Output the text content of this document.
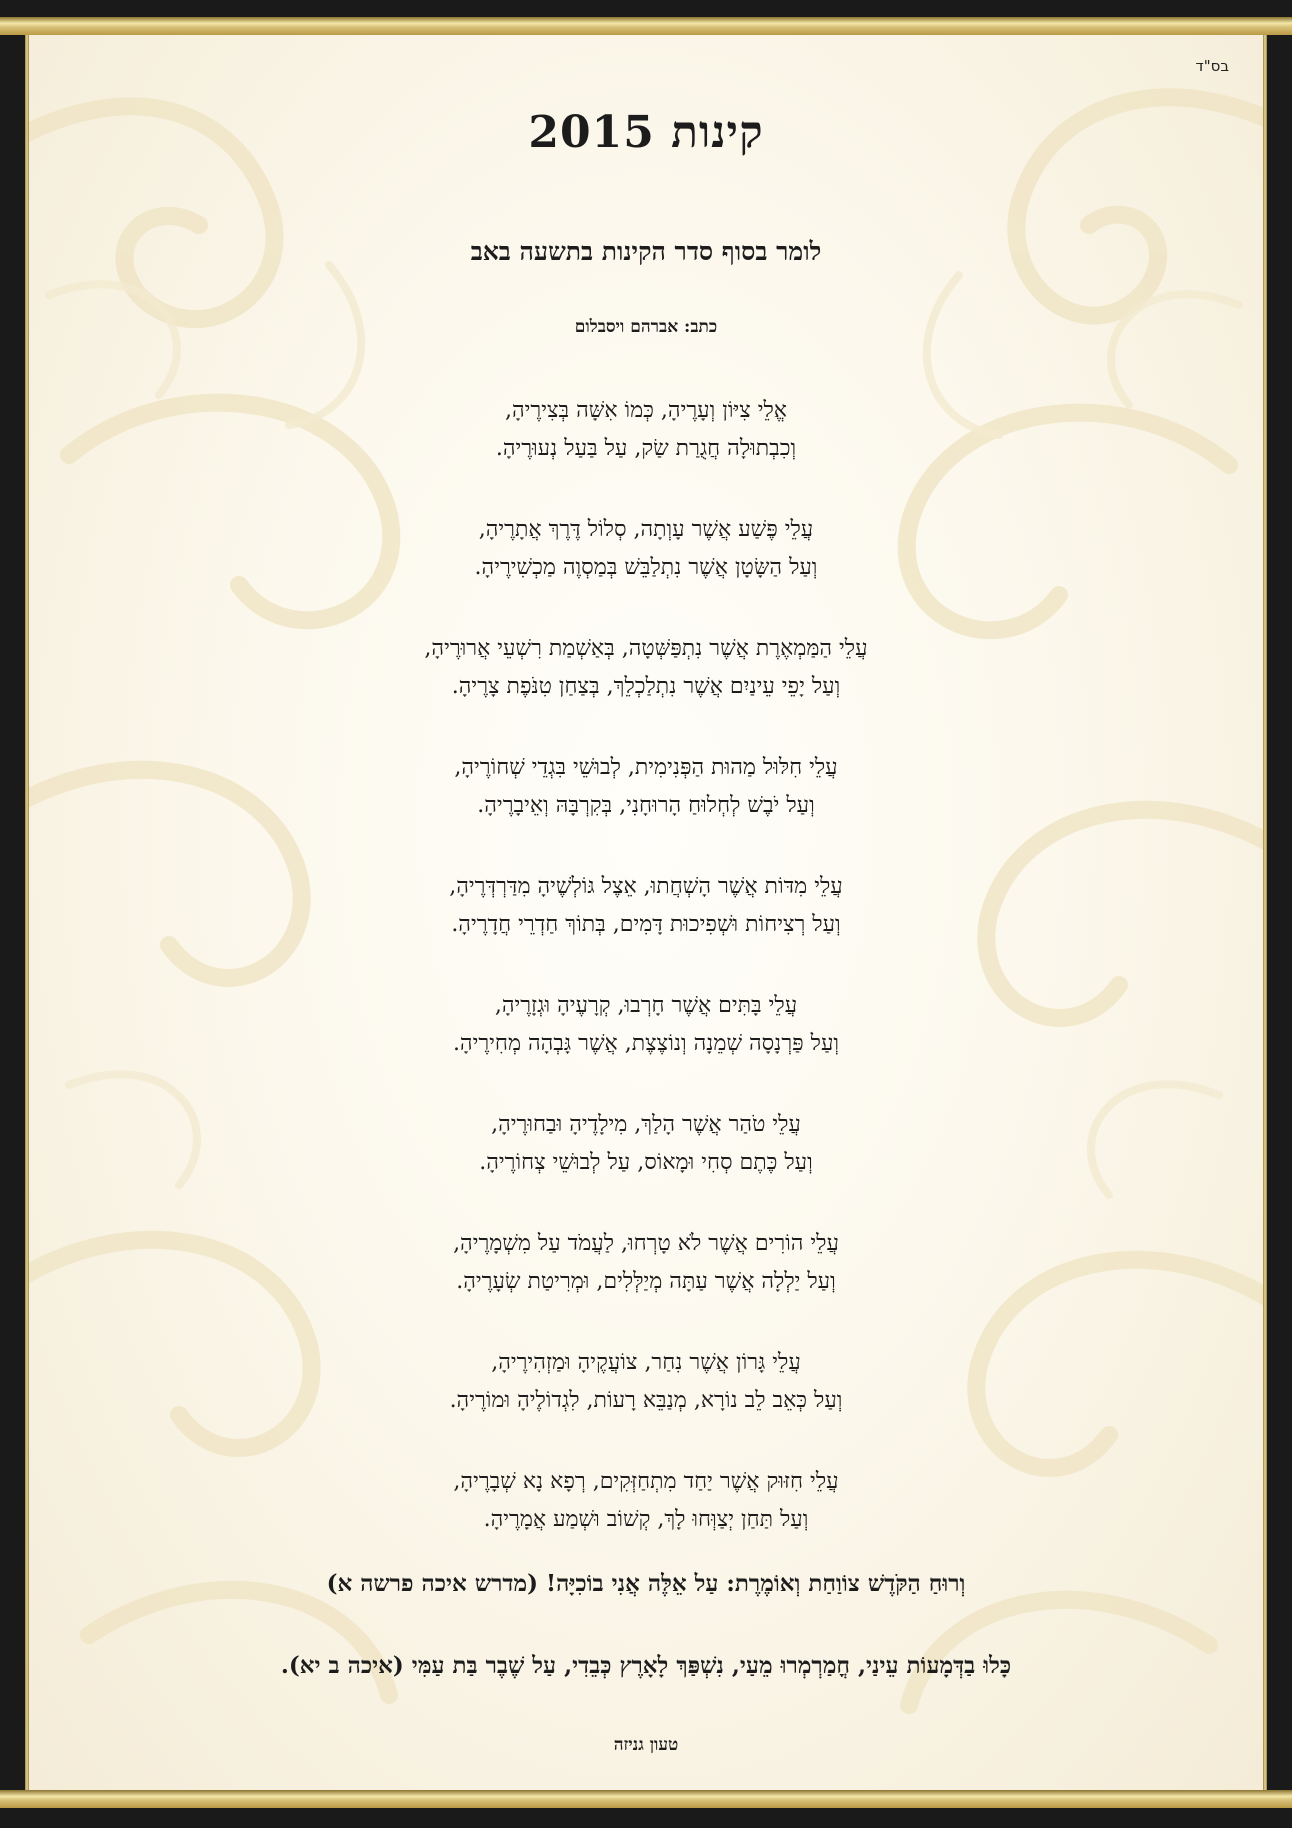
בס"ד
קינות 2015
לומר בסוף סדר הקינות בתשעה באב
כתב: אברהם ויסבלום
אֱלֵי צִיּוֹן וְעָרֶיהָ, כְּמוֹ אִשָּׁה בְּצִירֶיהָ,
וְכִבְתוּלָה חֲגֻרַת שַׂק, עַל בַּעַל נְעוּרֶיהָ.
עֲלֵי פֶּשַׁע אֲשֶׁר עָוְתָה, סְלוֹל דֶּרֶךְ אֲתָרֶיהָ,
וְעַל הַשָּׂטָן אֲשֶׁר נִתְלַבֵּשׁ בְּמַסְוֶה מַכְשִׁירֶיהָ.
עֲלֵי הַמַּמְאֶרֶת אֲשֶׁר נִתְפַּשְּׁטָה, בְּאַשְׁמַת רִשְׁעֵי אֲרוּרֶיהָ,
וְעַל יָפֵי עֵינַיִם אֲשֶׁר נִתְלַכְלֵךְ, בְּצַחַן טִנֹּפֶת צָרֶיהָ.
עֲלֵי חִלּוּל מַהוּת הַפְּנִימִית, לְבוּשֵׁי בִּגְדֵי שְׁחוֹרֶיהָ,
וְעַל יֹבֶשׁ לְחְלוּחַ הָרוּחָנִי, בְּקִרְבָּהּ וְאֵיבָרֶיהָ.
עֲלֵי מִדּוֹת אֲשֶׁר הָשְׁחֲתוּ, אֵצֶל גּוֹלְשֶׁיהָ מִדַּרְדְּרֶיהָ,
וְעַל רְצִיחוֹת וּשְׁפִיכוּת דָּמִים, בְּתוֹךְ חַדְרֵי חֲדָרֶיהָ.
עֲלֵי בָּתִּים אֲשֶׁר חָרְבוּ, קְרָעֶיהָ וּגְזָרֶיהָ,
וְעַל פַּרְנָסָה שְׁמֵנָה וְנוֹצֶצֶת, אֲשֶׁר גָּבְהָה מְחִירֶיהָ.
עֲלֵי טֹהַר אֲשֶׁר הָלַךְ, מִילָדֶיהָ וּבַחוּרֶיהָ,
וְעַל כֶּתֶם סְחִי וּמָאוֹס, עַל לְבוּשֵׁי צְחוֹרֶיהָ.
עֲלֵי הוֹרִים אֲשֶׁר לֹא טָרְחוּ, לַעֲמֹד עַל מִשְׁמָרֶיהָ,
וְעַל יַלְלָה אֲשֶׁר עַתָּה מְיַלְּלִים, וּמְרִיטַת שְׂעָרֶיהָ.
עֲלֵי גָּרוֹן אֲשֶׁר נִחַר, צוֹעֲקֶיהָ וּמַזְהִירֶיהָ,
וְעַל כְּאֵב לֵב נוֹרָא, מְנַבֵּא רָעוֹת, לִגְדוֹלֶיהָ וּמוֹרֶיהָ.
עֲלֵי חִזּוּק אֲשֶׁר יַחַד מִתְחַזְּקִים, רְפָא נָא שְׁבָרֶיהָ,
וְעַל תַּחַן יְצַוְּחוּ לָךְ, קְשׁוֹב וּשְׁמַע אֲמָרֶיהָ.
וְרוּחַ הַקֹּדֶשׁ צוֹוַחַת וְאוֹמֶרֶת: עַל אֵלֶּה אֲנִי בוֹכִיָּה! (מדרש איכה פרשה א)
כָּלוּ בַדְּמָעוֹת עֵינַי, חֳמַרְמְרוּ מֵעַי, נִשְׁפַּךְ לָאָרֶץ כְּבֵדִי, עַל שֶׁבֶר בַּת עַמִּי (איכה ב יא).
טעון גניזה
